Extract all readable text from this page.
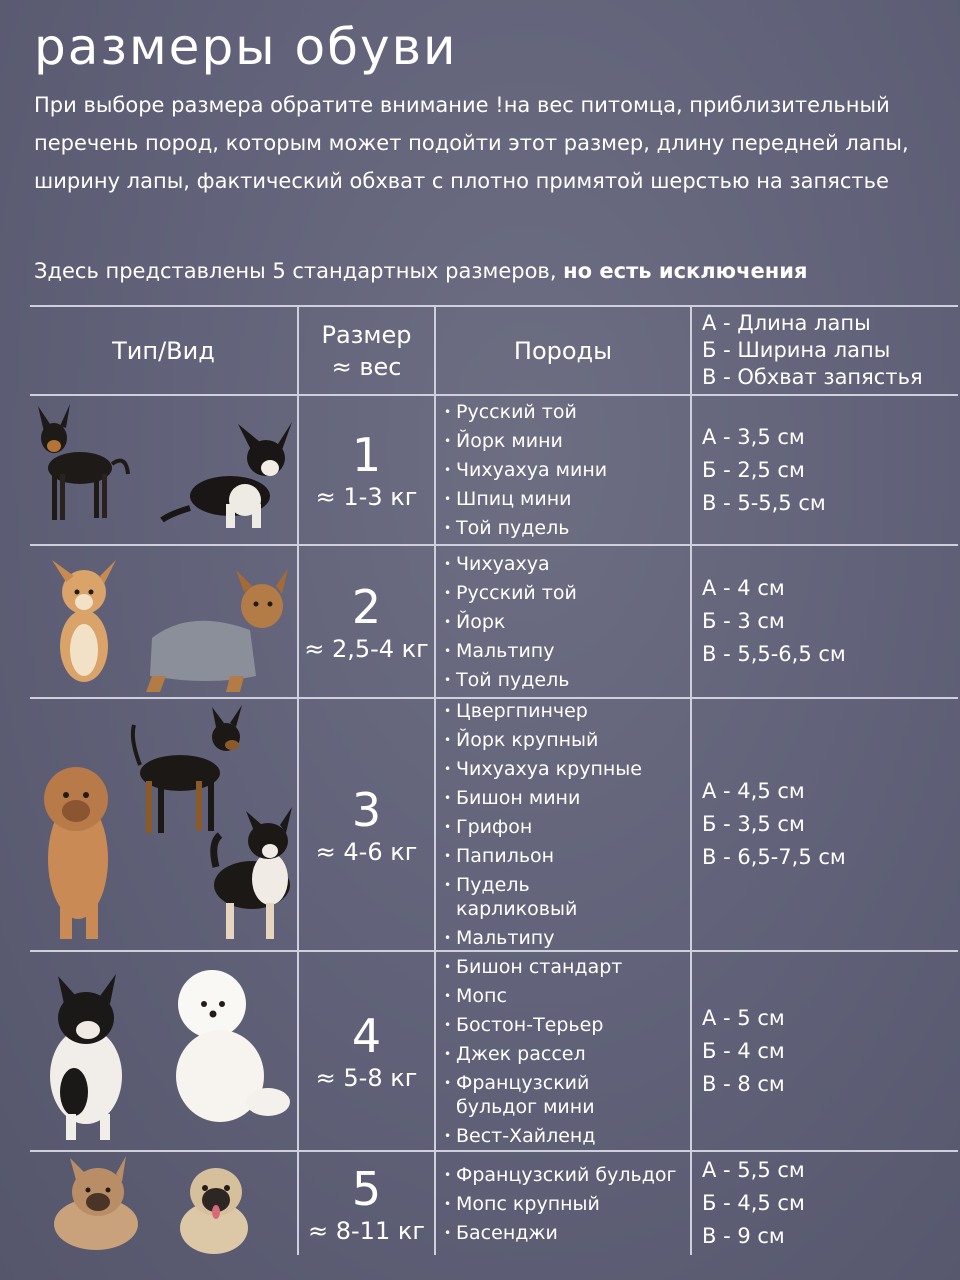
размеры обуви

При выборе размера обратите внимание !на вес питомца, приблизительный перечень пород, которым может подойти этот размер, длину передней лапы, ширину лапы, фактический обхват с плотно примятой шерстью на запястье

Здесь представлены 5 стандартных размеров, но есть исключения

Тип/Вид
Размер
≈ вес
Породы
А - Длина лапы
Б - Ширина лапы
В - Обхват запястья
1
≈ 1-3 кг
• Русский той
• Йорк мини
• Чихуахуа мини
• Шпиц мини
• Той пудель
А - 3,5 см
Б - 2,5 см
В - 5-5,5 см
2
≈ 2,5-4 кг
• Чихуахуа
• Русский той
• Йорк
• Мальтипу
• Той пудель
А - 4 см
Б - 3 см
В - 5,5-6,5 см
3
≈ 4-6 кг
• Цвергпинчер
• Йорк крупный
• Чихуахуа крупные
• Бишон мини
• Грифон
• Папильон
• Пудель карликовый
• Мальтипу
А - 4,5 см
Б - 3,5 см
В - 6,5-7,5 см
4
≈ 5-8 кг
• Бишон стандарт
• Мопс
• Бостон-Терьер
• Джек рассел
• Французский бульдог мини
• Вест-Хайленд
А - 5 см
Б - 4 см
В - 8 см
5
≈ 8-11 кг
• Французский бульдог
• Мопс крупный
• Басенджи
А - 5,5 см
Б - 4,5 см
В - 9 см
